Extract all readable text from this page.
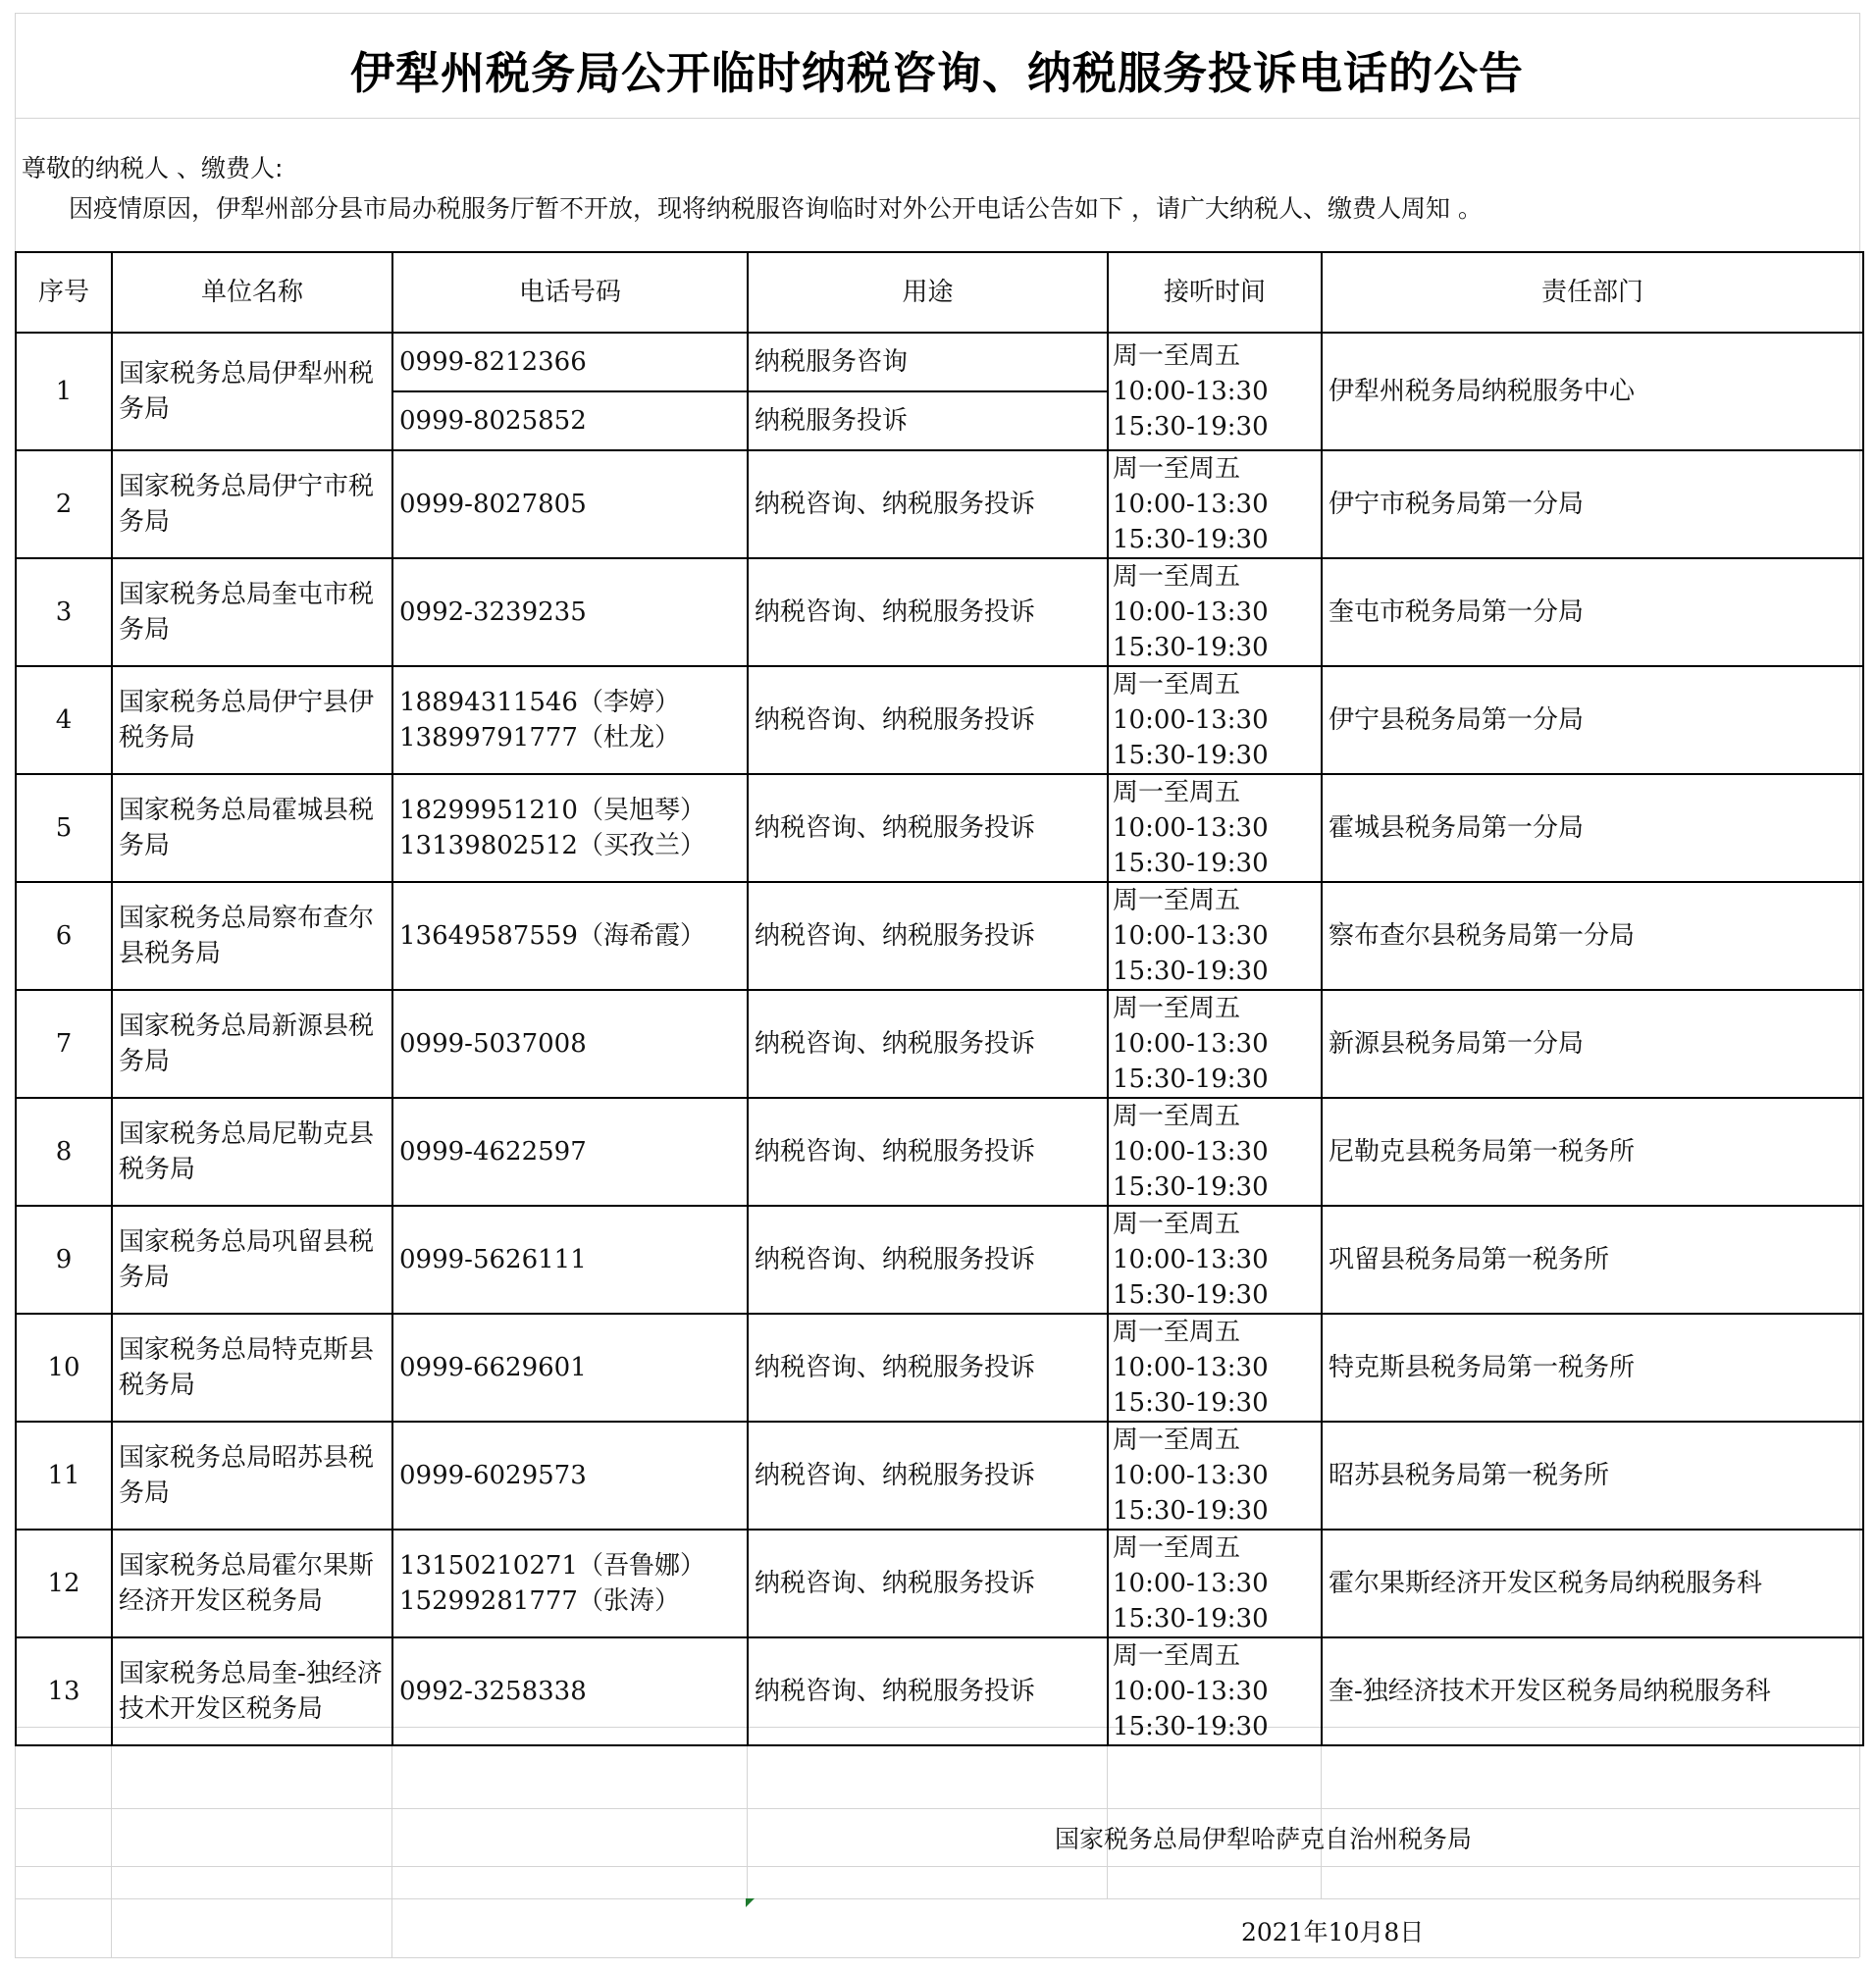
伊犁州税务局公开临时纳税咨询、纳税服务投诉电话的公告
尊敬的纳税人 、缴费人:
因疫情原因，伊犁州部分县市局办税服务厅暂不开放，现将纳税服咨询临时对外公开电话公告如下 ，请广大纳税人、缴费人周知 。
序号	单位名称	电话号码	用途	接听时间	责任部门
1	国家税务总局伊犁州税务局	0999-8212366	纳税服务咨询	周一至周五
10:00-13:30
15:30-19:30	伊犁州税务局纳税服务中心

		0999-8025852	纳税服务投诉		
2	国家税务总局伊宁市税务局	0999-8027805	纳税咨询、纳税服务投诉	周一至周五
10:00-13:30
15:30-19:30	伊宁市税务局第一分局
3	国家税务总局奎屯市税务局	0992-3239235	纳税咨询、纳税服务投诉	周一至周五
10:00-13:30
15:30-19:30	奎屯市税务局第一分局
4	国家税务总局伊宁县伊税务局	18894311546（李婷）
13899791777（杜龙）	纳税咨询、纳税服务投诉	周一至周五
10:00-13:30
15:30-19:30	伊宁县税务局第一分局
5	国家税务总局霍城县税务局	18299951210（吴旭琴）
13139802512（买孜兰）	纳税咨询、纳税服务投诉	周一至周五
10:00-13:30
15:30-19:30	霍城县税务局第一分局
6	国家税务总局察布查尔县税务局	13649587559（海希霞）	纳税咨询、纳税服务投诉	周一至周五
10:00-13:30
15:30-19:30	察布查尔县税务局第一分局
7	国家税务总局新源县税务局	0999-5037008	纳税咨询、纳税服务投诉	周一至周五
10:00-13:30
15:30-19:30	新源县税务局第一分局
8	国家税务总局尼勒克县税务局	0999-4622597	纳税咨询、纳税服务投诉	周一至周五
10:00-13:30
15:30-19:30	尼勒克县税务局第一税务所
9	国家税务总局巩留县税务局	0999-5626111	纳税咨询、纳税服务投诉	周一至周五
10:00-13:30
15:30-19:30	巩留县税务局第一税务所
10	国家税务总局特克斯县税务局	0999-6629601	纳税咨询、纳税服务投诉	周一至周五
10:00-13:30
15:30-19:30	特克斯县税务局第一税务所
11	国家税务总局昭苏县税务局	0999-6029573	纳税咨询、纳税服务投诉	周一至周五
10:00-13:30
15:30-19:30	昭苏县税务局第一税务所
12	国家税务总局霍尔果斯经济开发区税务局	13150210271（吾鲁娜）
15299281777（张涛）	纳税咨询、纳税服务投诉	周一至周五
10:00-13:30
15:30-19:30	霍尔果斯经济开发区税务局纳税服务科
13	国家税务总局奎-独经济技术开发区税务局	0992-3258338	纳税咨询、纳税服务投诉	周一至周五
10:00-13:30
15:30-19:30	奎-独经济技术开发区税务局纳税服务科
国家税务总局伊犁哈萨克自治州税务局
2021年10月8日
